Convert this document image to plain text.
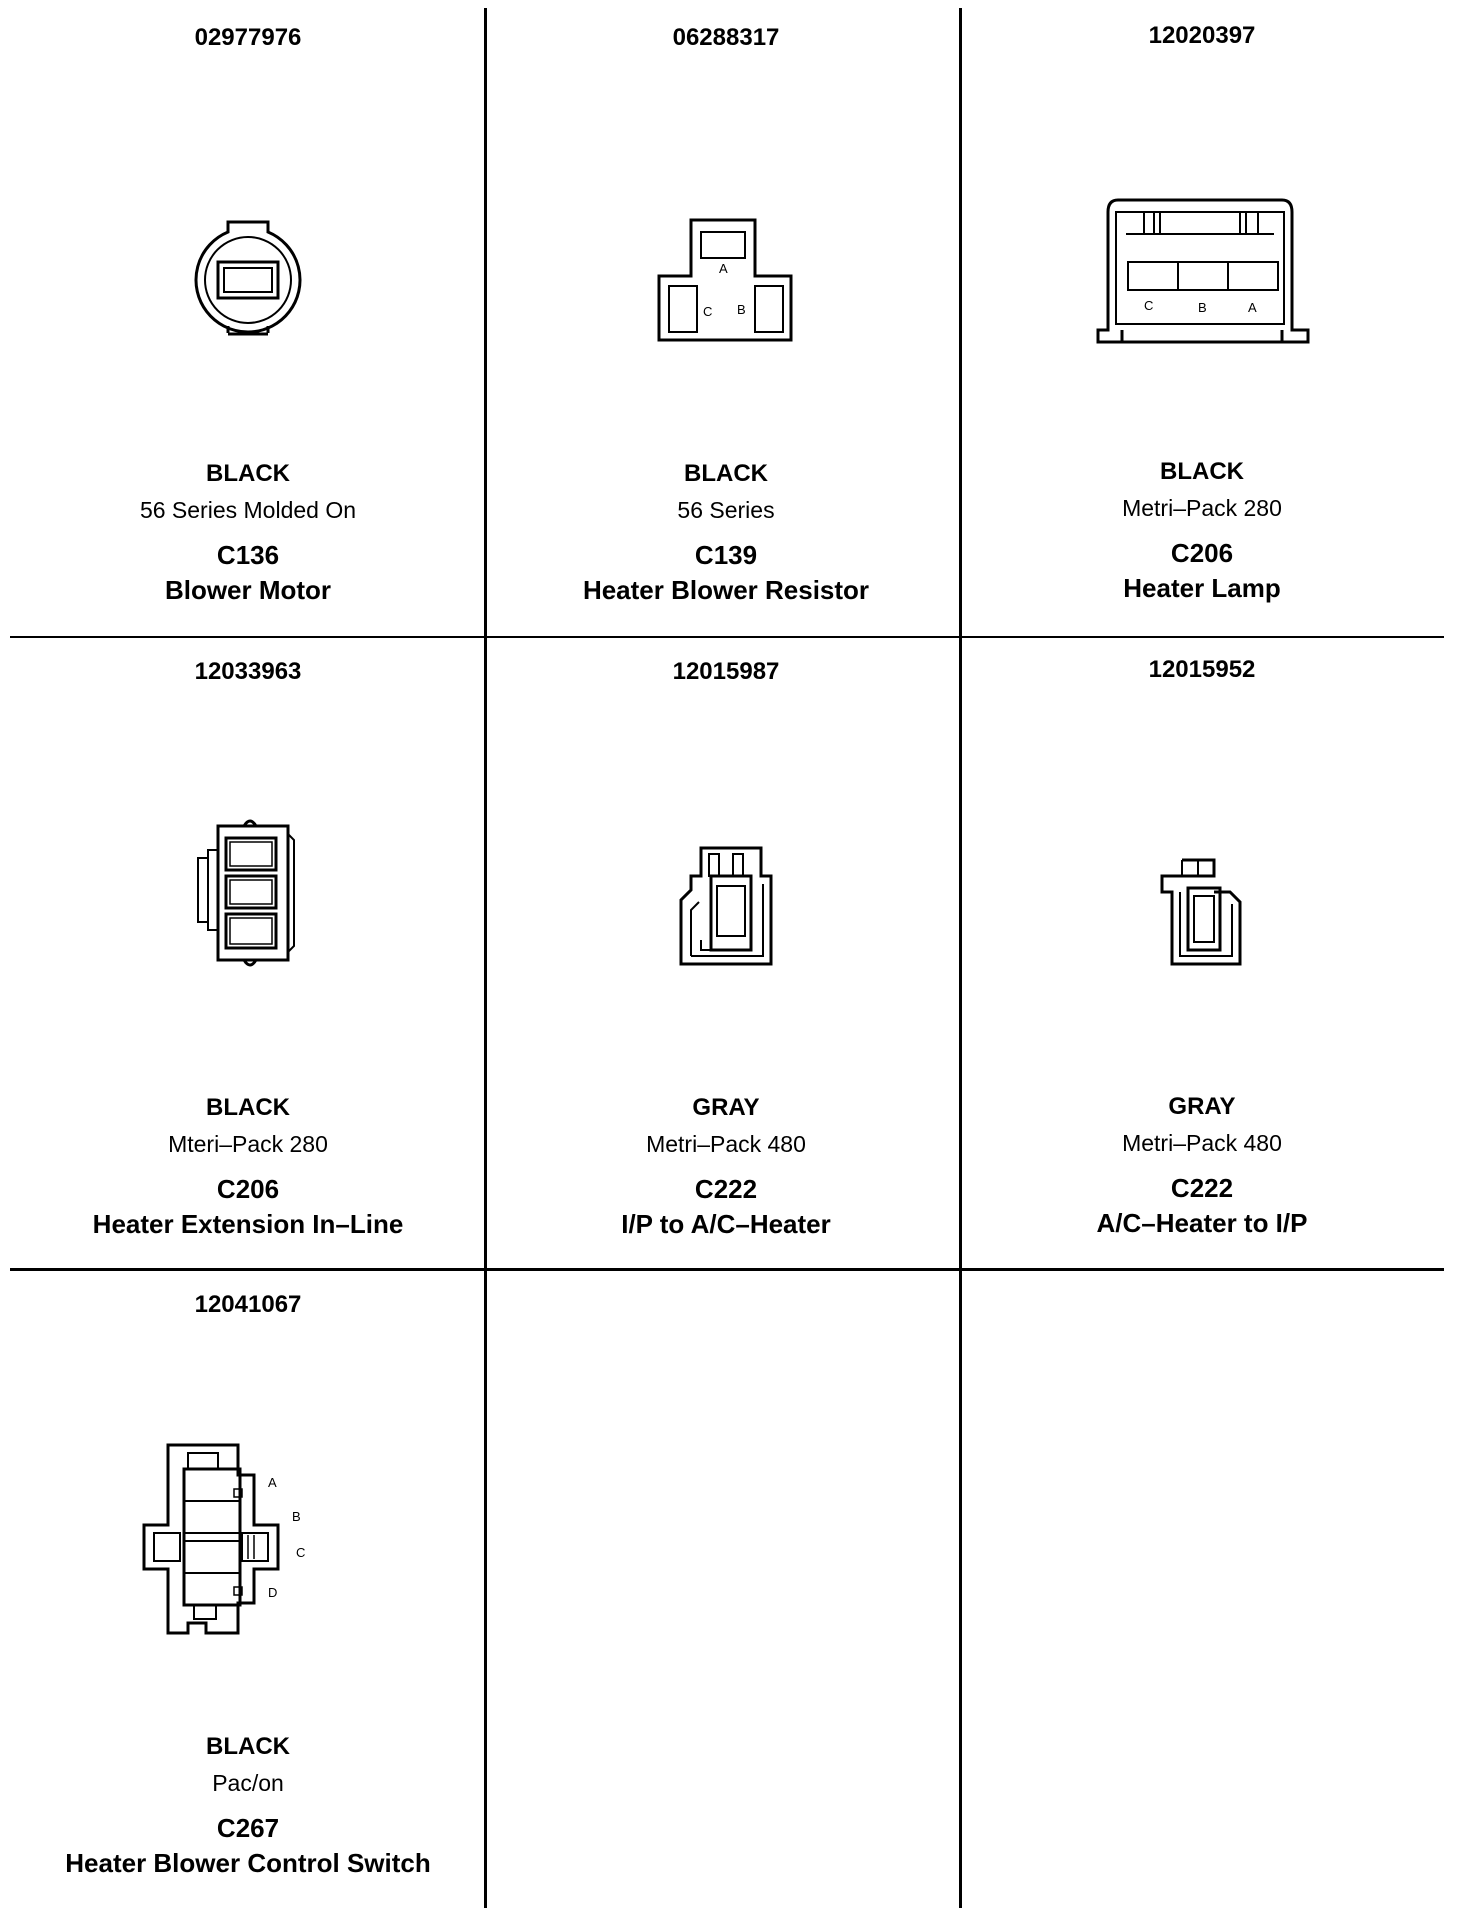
02977976
BLACK
56 Series Molded On
C136
Blower Motor
06288317
A
C B
BLACK
56 Series
C139
Heater Blower Resistor
12020397
C	B	A
BLACK
Metri–Pack 280
C206
Heater Lamp
12033963
BLACK
Mteri–Pack 280
C206
Heater Extension In–Line
12015987
GRAY
Metri–Pack 480
C222
I/P to A/C–Heater
12015952
GRAY
Metri–Pack 480
C222
A/C–Heater to I/P
12041067
A
B
C
D
BLACK
Pac/on
C267
Heater Blower Control Switch
